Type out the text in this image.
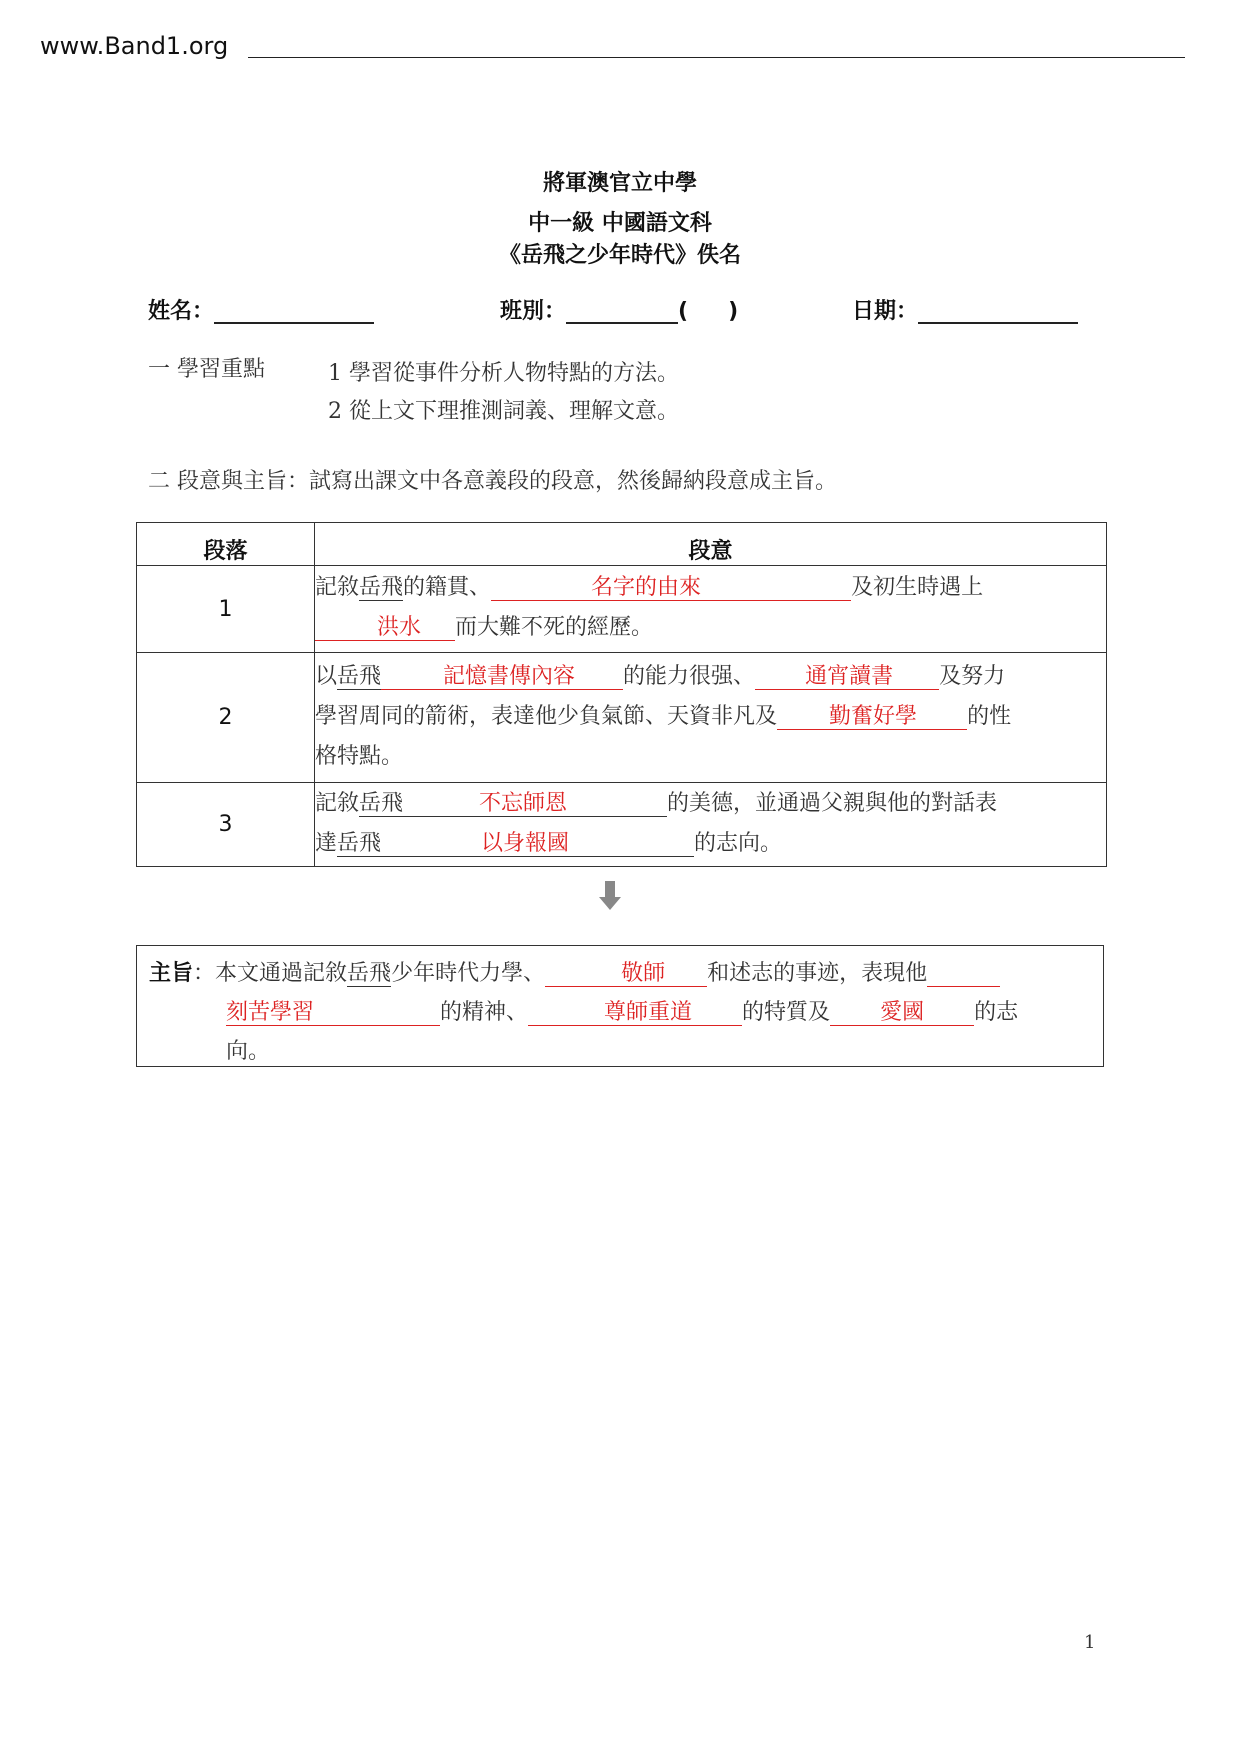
www.Band1.org
將軍澳官立中學
中一級 中國語文科
《岳飛之少年時代》佚名
姓名：	班別：	( )	日期：
一 學習重點	1 學習從事件分析人物特點的方法。
2 從上文下理推測詞義、理解文意。
二 段意與主旨：試寫出課文中各意義段的段意，然後歸納段意成主旨。
段落	段意
1	記敘岳飛的籍貫、 名字的由來 及初生時遇上
洪水 而大難不死的經歷。
2	以岳飛 記憶書傳內容 的能力很强、 通宵讀書 及努力
學習周同的箭術，表達他少負氣節、天資非凡及 勤奮好學 的性
格特點。
3	記敘岳飛 不忘師恩 的美德，並通過父親與他的對話表
達岳飛 以身報國 的志向。
主旨：本文通過記敘岳飛少年時代力學、	敬師 和述志的事迹，表現他
刻苦學習	的精神、	尊師重道 的特質及 愛國 的志
向。
1
